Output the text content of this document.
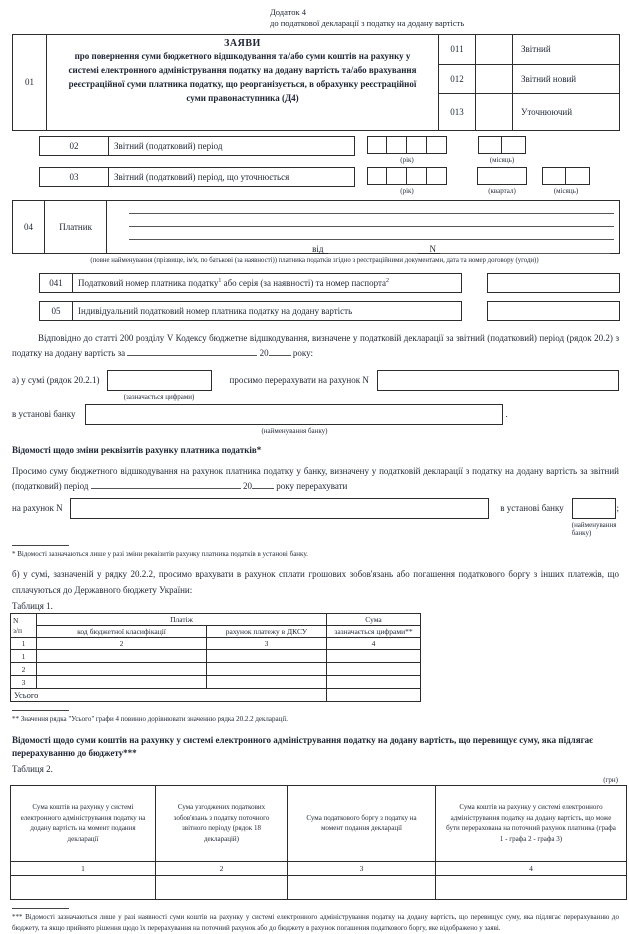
Додаток 4
до податкової декларації з податку на додану вартість
01
ЗАЯВИ
про повернення суми бюджетного відшкодування та/або суми коштів на рахунку у системі електронного адміністрування податку на додану вартість та/або врахування реєстраційної суми платника податку, що реорганізується, в обрахунку реєстраційної суми правонаступника (Д4)
011	Звітний
012	Звітний новий
013	Уточнюючий
02	Звітний (податковий) період
(рік)	(місяць)
03	Звітний (податковий) період, що уточнюється
(рік)	(квартал)	(місяць)
04	Платник
від	N
(повне найменування (прізвище, ім'я, по батькові (за наявності)) платника податків згідно з реєстраційними документами, дата та номер договору (угоди))
041	Податковий номер платника податку$^1$ або серія (за наявності) та номер паспорта$^2$
05	Індивідуальний податковий номер платника податку на додану вартість

Відповідно до статті 200 розділу V Кодексу бюджетне відшкодування, визначене у податковій декларації за звітний (податковий) період (рядок 20.2) з податку на додану вартість за	20	року:

а) у сумі (рядок 20.2.1)
(зазначається цифрами)
просимо перерахувати на рахунок N
в установі банку
(найменування банку)
.
Відомості щодо зміни реквізитів рахунку платника податків*

Просимо суму бюджетного відшкодування на рахунок платника податку у банку, визначену у податковій декларації з податку на додану вартість за звітний (податковий) період	20	року перерахувати

на рахунок N	в установі банку
(найменування банку)
;
* Відомості зазначаються лише у разі зміни реквізитів рахунку платника податків в установі банку.

б) у сумі, зазначеній у рядку 20.2.2, просимо врахувати в рахунок сплати грошових зобов'язань або погашення податкового боргу з інших платежів, що сплачуються до Державного бюджету України:

Таблиця 1.
N
з/п	Платіж		Сума
	код бюджетної класифікації	рахунок платежу в ДКСУ	зазначається цифрами**
1	2	3	4
1			
2			
3			
Усього			
** Значення рядка "Усього" графи 4 повинно дорівнювати значенню рядка 20.2.2 декларації.
Відомості щодо суми коштів на рахунку у системі електронного адміністрування податку на додану вартість, що перевищує суму, яка підлягає перерахуванню до бюджету***
Таблиця 2.
(грн)
Сума коштів на рахунку у системі електронного адміністрування податку на додану вартість на момент подання декларації	Сума узгоджених податкових зобов'язань з податку поточного звітного періоду (рядок 18 декларацій)	Сума податкового боргу з податку на момент подання декларації	Сума коштів на рахунку у системі електронного адміністрування податку на додану вартість, що може бути перерахована на поточний рахунок платника (графа 1 - графа 2 - графа 3)
1	2	3	4

*** Відомості зазначаються лише у разі наявності суми коштів на рахунку у системі електронного адміністрування податку на додану вартість, що перевищує суму, яка підлягає перерахуванню до бюджету, та якщо прийнято рішення щодо їх перерахування на поточний рахунок або до бюджету в рахунок погашення податкового боргу, яке відображено у заяві.
